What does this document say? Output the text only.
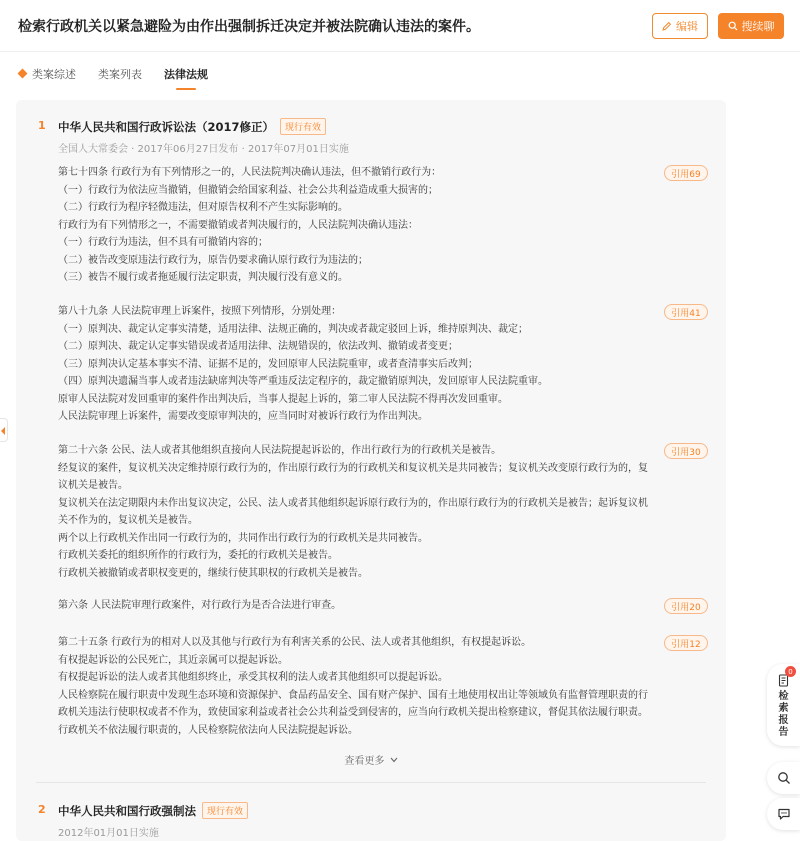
检索行政机关以紧急避险为由作出强制拆迁决定并被法院确认违法的案件。	编辑	搜续聊
类案综述 类案列表 法律法规
1 中华人民共和国行政诉讼法（2017修正） 现行有效
全国人大常委会 · 2017年06月27日发布 · 2017年07月01日实施
第七十四条 行政行为有下列情形之一的，人民法院判决确认违法，但不撤销行政行为：
（一）行政行为依法应当撤销，但撤销会给国家利益、社会公共利益造成重大损害的；
（二）行政行为程序轻微违法，但对原告权利不产生实际影响的。
行政行为有下列情形之一，不需要撤销或者判决履行的，人民法院判决确认违法：
（一）行政行为违法，但不具有可撤销内容的；
（二）被告改变原违法行政行为，原告仍要求确认原行政行为违法的；
（三）被告不履行或者拖延履行法定职责，判决履行没有意义的。
引用69
第八十九条 人民法院审理上诉案件，按照下列情形，分别处理：
（一）原判决、裁定认定事实清楚，适用法律、法规正确的，判决或者裁定驳回上诉，维持原判决、裁定；
（二）原判决、裁定认定事实错误或者适用法律、法规错误的，依法改判、撤销或者变更；
（三）原判决认定基本事实不清、证据不足的，发回原审人民法院重审，或者查清事实后改判；
（四）原判决遗漏当事人或者违法缺席判决等严重违反法定程序的，裁定撤销原判决，发回原审人民法院重审。
原审人民法院对发回重审的案件作出判决后，当事人提起上诉的，第二审人民法院不得再次发回重审。
人民法院审理上诉案件，需要改变原审判决的，应当同时对被诉行政行为作出判决。
引用41
第二十六条 公民、法人或者其他组织直接向人民法院提起诉讼的，作出行政行为的行政机关是被告。
经复议的案件，复议机关决定维持原行政行为的，作出原行政行为的行政机关和复议机关是共同被告；复议机关改变原行政行为的，复
议机关是被告。
复议机关在法定期限内未作出复议决定，公民、法人或者其他组织起诉原行政行为的，作出原行政行为的行政机关是被告；起诉复议机
关不作为的，复议机关是被告。
两个以上行政机关作出同一行政行为的，共同作出行政行为的行政机关是共同被告。
行政机关委托的组织所作的行政行为，委托的行政机关是被告。
行政机关被撤销或者职权变更的，继续行使其职权的行政机关是被告。
引用30
第六条 人民法院审理行政案件，对行政行为是否合法进行审查。	引用20
第二十五条 行政行为的相对人以及其他与行政行为有利害关系的公民、法人或者其他组织，有权提起诉讼。
有权提起诉讼的公民死亡，其近亲属可以提起诉讼。
有权提起诉讼的法人或者其他组织终止，承受其权利的法人或者其他组织可以提起诉讼。
人民检察院在履行职责中发现生态环境和资源保护、食品药品安全、国有财产保护、国有土地使用权出让等领域负有监督管理职责的行
政机关违法行使职权或者不作为，致使国家利益或者社会公共利益受到侵害的，应当向行政机关提出检察建议，督促其依法履行职责。
行政机关不依法履行职责的，人民检察院依法向人民法院提起诉讼。
引用12
查看更多
2 中华人民共和国行政强制法 现行有效
2012年01月01日实施
0
检索报告
